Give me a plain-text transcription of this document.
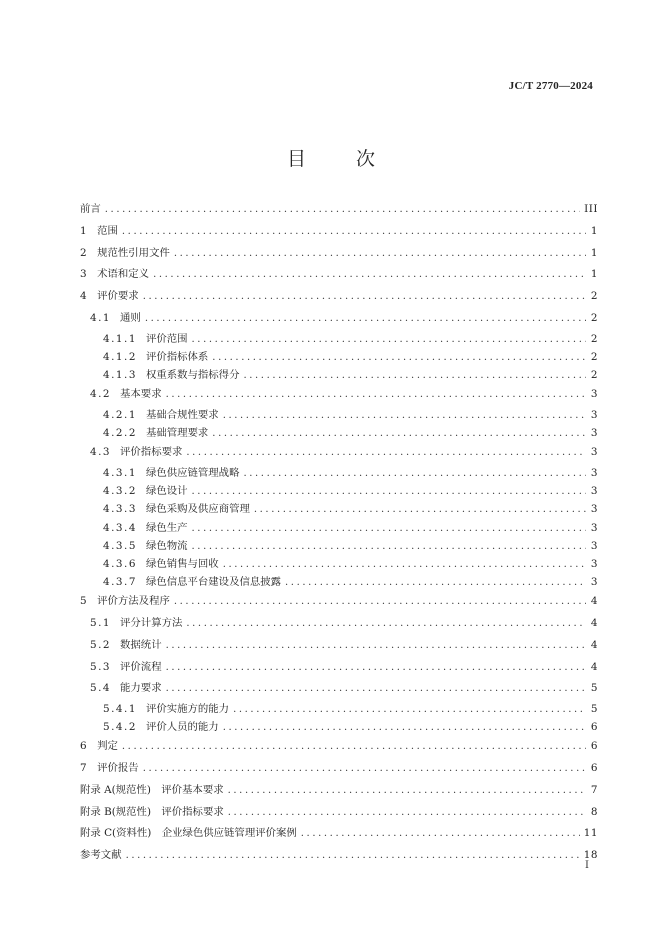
JC/T 2770—2024
目 次
前言 .....	III
1 范围 .....	1
2 规范性引用文件 .....	1
3 术语和定义 .....	1
4 评价要求 .....	2
4.1 通则 .....	2
4.1.1 评价范围 .....	2
4.1.2 评价指标体系 .....	2
4.1.3 权重系数与指标得分 .....	2
4.2 基本要求 .....	3
4.2.1 基础合规性要求 .....	3
4.2.2 基础管理要求 .....	3
4.3 评价指标要求 .....	3
4.3.1 绿色供应链管理战略 .....	3
4.3.2 绿色设计 .....	3
4.3.3 绿色采购及供应商管理 .....	3
4.3.4 绿色生产 .....	3
4.3.5 绿色物流 .....	3
4.3.6 绿色销售与回收 .....	3
4.3.7 绿色信息平台建设及信息披露 .....	3
5 评价方法及程序 .....	4
5.1 评分计算方法 .....	4
5.2 数据统计 .....	4
5.3 评价流程 .....	4
5.4 能力要求 .....	5
5.4.1 评价实施方的能力 .....	5
5.4.2 评价人员的能力 .....	6
6 判定 .....	6
7 评价报告 .....	6
附录 A(规范性)　评价基本要求 .....	7
附录 B(规范性)　评价指标要求 .....	8
附录 C(资料性)　企业绿色供应链管理评价案例 .....	11
参考文献 .....	18
I
